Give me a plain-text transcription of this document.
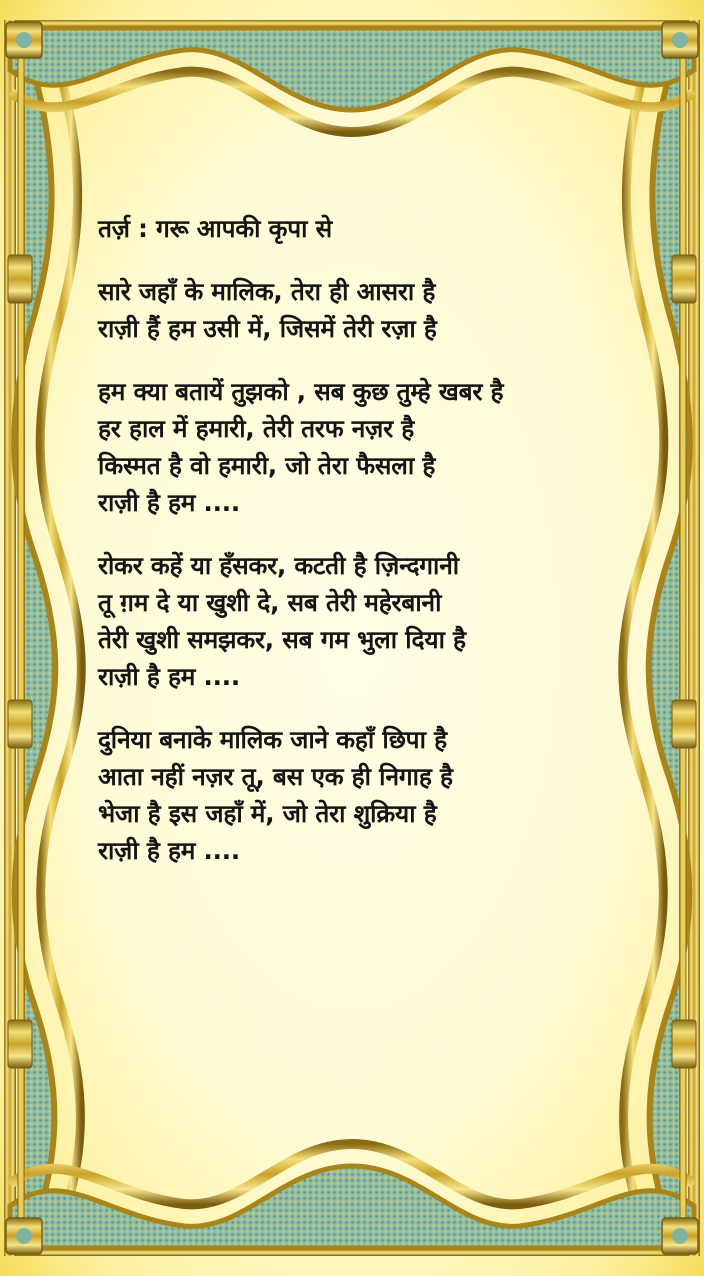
तर्ज़ : गरू आपकी कृपा से
सारे जहाँ के मालिक, तेरा ही आसरा है
राज़ी हैं हम उसी में, जिसमें तेरी रज़ा है
हम क्या बतायें तुझको , सब कुछ तुम्हे खबर है
हर हाल में हमारी, तेरी तरफ नज़र है
किस्मत है वो हमारी, जो तेरा फैसला है
राज़ी है हम ....
रोकर कहें या हँसकर, कटती है ज़िन्दगानी
तू ग़म दे या खुशी दे, सब तेरी महेरबानी
तेरी खुशी समझकर, सब गम भुला दिया है
राज़ी है हम ....
दुनिया बनाके मालिक जाने कहाँ छिपा है
आता नहीं नज़र तू, बस एक ही निगाह है
भेजा है इस जहाँ में, जो तेरा शुक्रिया है
राज़ी है हम ....
